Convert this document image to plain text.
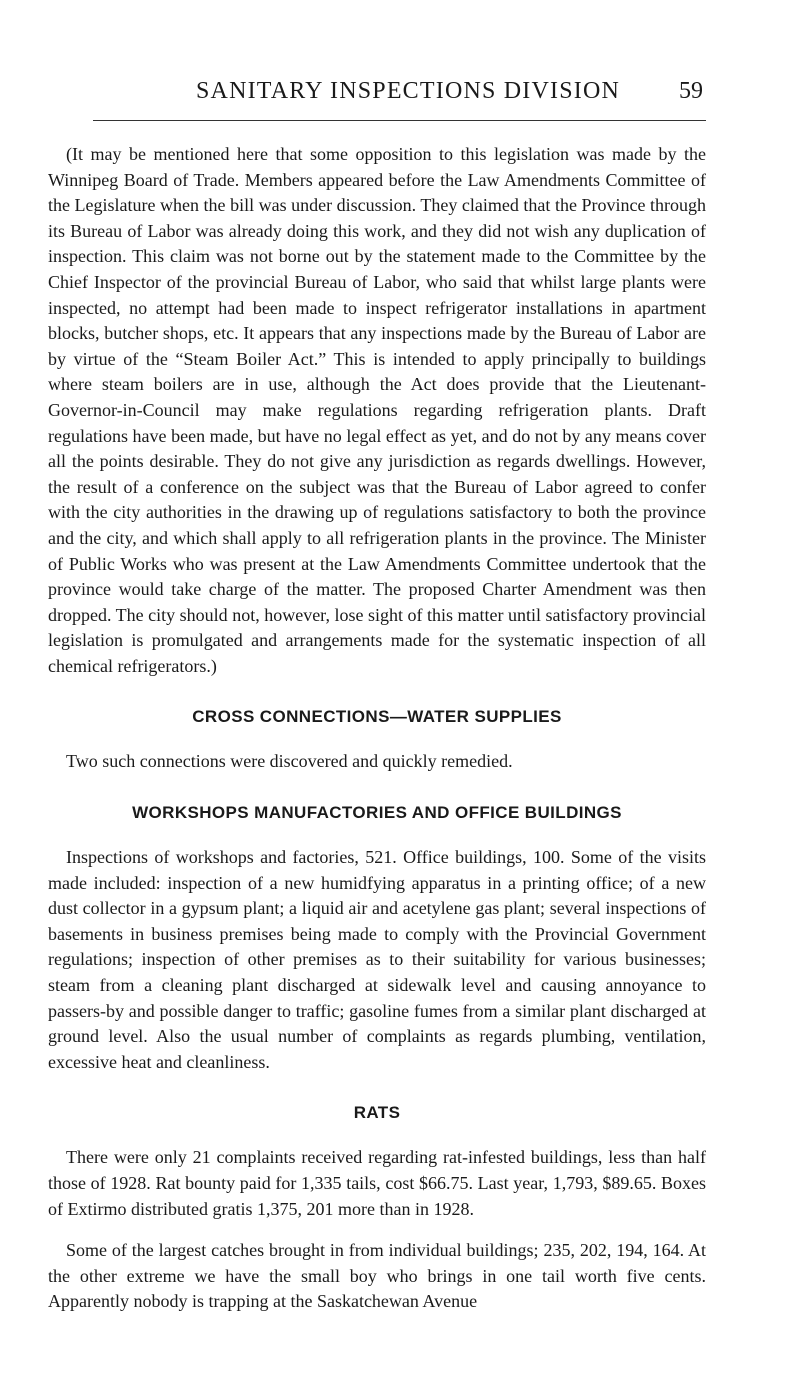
SANITARY INSPECTIONS DIVISION 59

(It may be mentioned here that some opposition to this legislation was made by the Winnipeg Board of Trade. Members appeared before the Law Amendments Committee of the Legislature when the bill was under discussion. They claimed that the Province through its Bureau of Labor was already doing this work, and they did not wish any duplication of inspection. This claim was not borne out by the statement made to the Committee by the Chief Inspector of the provincial Bureau of Labor, who said that whilst large plants were inspected, no attempt had been made to inspect refrigerator installations in apartment blocks, butcher shops, etc. It appears that any inspections made by the Bureau of Labor are by virtue of the “Steam Boiler Act.” This is intended to apply principally to buildings where steam boilers are in use, although the Act does provide that the Lieutenant-Governor-in-Council may make regulations regarding refrigeration plants. Draft regulations have been made, but have no legal effect as yet, and do not by any means cover all the points desirable. They do not give any jurisdiction as regards dwellings. However, the result of a conference on the subject was that the Bureau of Labor agreed to confer with the city authorities in the drawing up of regulations satisfactory to both the province and the city, and which shall apply to all refrigeration plants in the province. The Minister of Public Works who was present at the Law Amendments Committee undertook that the province would take charge of the matter. The proposed Charter Amendment was then dropped. The city should not, however, lose sight of this matter until satisfactory provincial legislation is promulgated and arrangements made for the systematic inspection of all chemical refrigerators.)

CROSS CONNECTIONS—WATER SUPPLIES

Two such connections were discovered and quickly remedied.

WORKSHOPS MANUFACTORIES AND OFFICE BUILDINGS

Inspections of workshops and factories, 521. Office buildings, 100. Some of the visits made included: inspection of a new humidfying apparatus in a printing office; of a new dust collector in a gypsum plant; a liquid air and acetylene gas plant; several inspections of basements in business premises being made to comply with the Provincial Government regulations; inspection of other premises as to their suitability for various businesses; steam from a cleaning plant discharged at sidewalk level and causing annoyance to passers-by and possible danger to traffic; gasoline fumes from a similar plant discharged at ground level. Also the usual number of complaints as regards plumbing, ventilation, excessive heat and cleanliness.

RATS

There were only 21 complaints received regarding rat-infested buildings, less than half those of 1928. Rat bounty paid for 1,335 tails, cost $66.75. Last year, 1,793, $89.65. Boxes of Extirmo distributed gratis 1,375, 201 more than in 1928.

Some of the largest catches brought in from individual buildings; 235, 202, 194, 164. At the other extreme we have the small boy who brings in one tail worth five cents. Apparently nobody is trapping at the Saskatchewan Avenue
